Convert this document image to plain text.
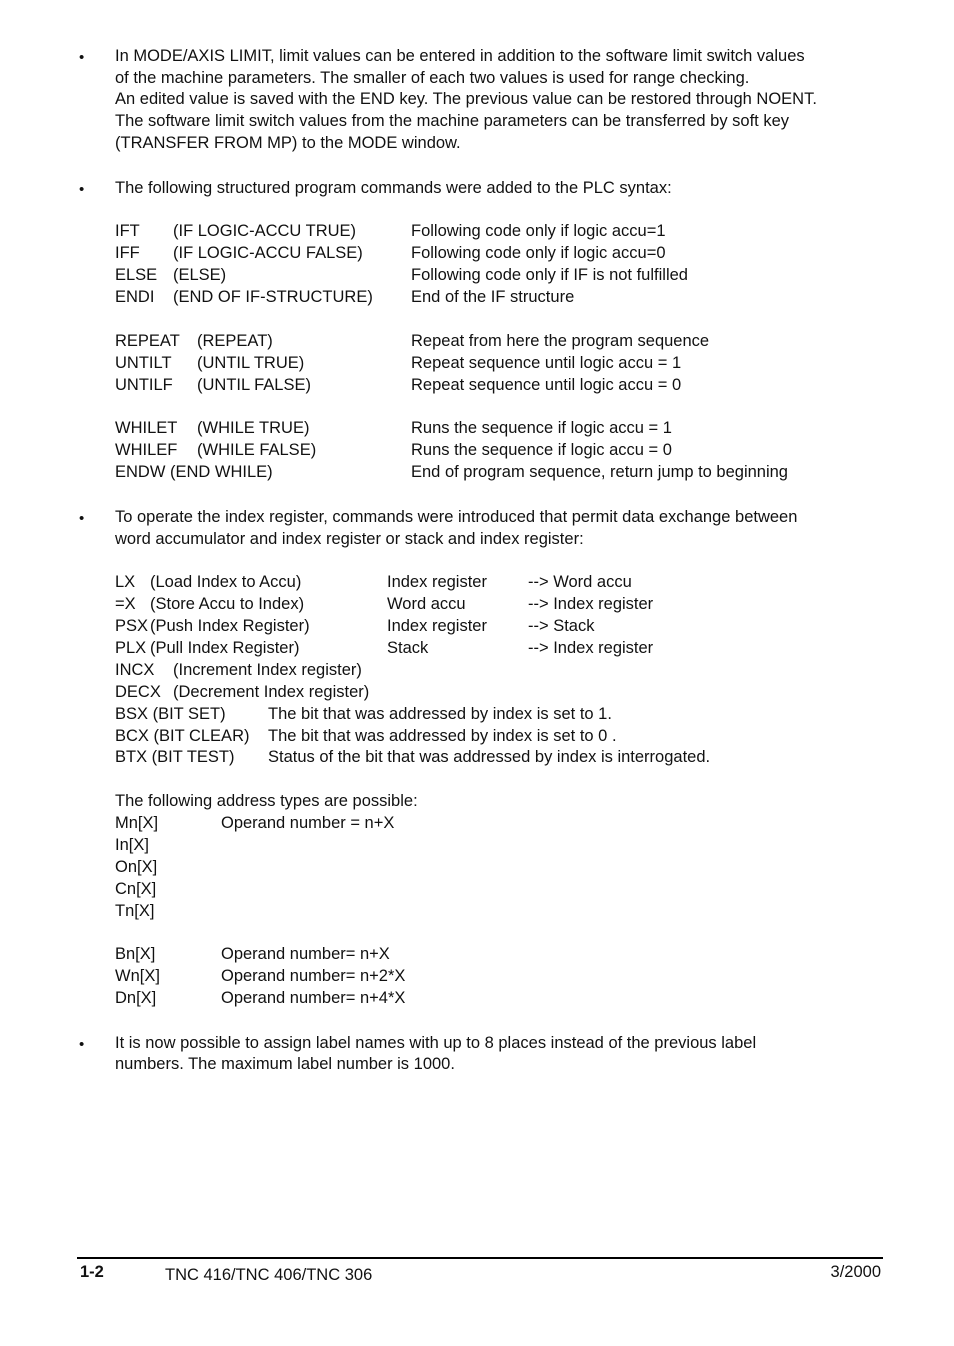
• In MODE/AXIS LIMIT, limit values can be entered in addition to the software limit switch values
of the machine parameters. The smaller of each two values is used for range checking.
An edited value is saved with the END key. The previous value can be restored through NOENT.
The software limit switch values from the machine parameters can be transferred by soft key
(TRANSFER FROM MP) to the MODE window.
• The following structured program commands were added to the PLC syntax:
IFT (IF LOGIC-ACCU TRUE)	Following code only if logic accu=1
IFF (IF LOGIC-ACCU FALSE)	Following code only if logic accu=0
ELSE (ELSE)	Following code only if IF is not fulfilled
ENDI (END OF IF-STRUCTURE) End of the IF structure
REPEAT (REPEAT)	Repeat from here the program sequence
UNTILT (UNTIL TRUE)	Repeat sequence until logic accu = 1
UNTILF (UNTIL FALSE)	Repeat sequence until logic accu = 0
WHILET (WHILE TRUE)	Runs the sequence if logic accu = 1
WHILEF (WHILE FALSE)	Runs the sequence if logic accu = 0
ENDW (END WHILE)	End of program sequence, return jump to beginning
• To operate the index register, commands were introduced that permit data exchange between
word accumulator and index register or stack and index register:
LX (Load Index to Accu)	Index register --> Word accu
=X (Store Accu to Index)	Word accu	--> Index register
PSX (Push Index Register)	Index register --> Stack
PLX (Pull Index Register)	Stack	--> Index register
INCX (Increment Index register)
DECX (Decrement Index register)
BSX (BIT SET)	The bit that was addressed by index is set to 1.
BCX (BIT CLEAR) The bit that was addressed by index is set to 0 .
BTX (BIT TEST) Status of the bit that was addressed by index is interrogated.
The following address types are possible:
Mn[X]	Operand number = n+X
In[X]
On[X]
Cn[X]
Tn[X]
Bn[X]	Operand number= n+X
Wn[X]	Operand number= n+2*X
Dn[X]	Operand number= n+4*X
• It is now possible to assign label names with up to 8 places instead of the previous label
numbers. The maximum label number is 1000.
1-2	TNC 416/TNC 406/TNC 306	3/2000
